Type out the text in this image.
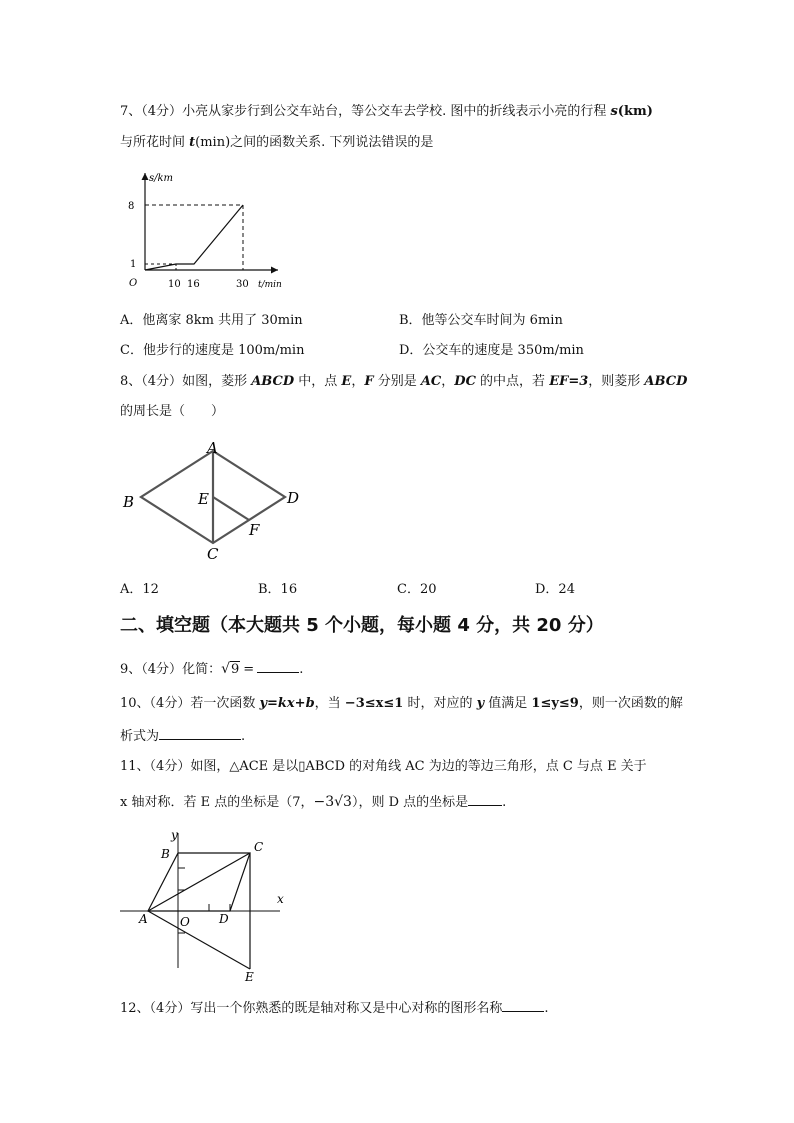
7、（4分）小亮从家步行到公交车站台，等公交车去学校. 图中的折线表示小亮的行程 s(km)
与所花时间 t(min)之间的函数关系. 下列说法错误的是
s/km
8
1
O	10 16	30 t/min
A．他离家 8km 共用了 30min	B．他等公交车时间为 6min
C．他步行的速度是 100m/min	D．公交车的速度是 350m/min
8、（4分）如图，菱形 ABCD 中，点 E，F 分别是 AC，DC 的中点，若 EF=3，则菱形 ABCD
的周长是（　　）
A
B
C
D
E
F
A．12	B．16	C．20	D．24
二、填空题（本大题共 5 个小题，每小题 4 分，共 20 分）
9、（4分）化简：√9 =	.
10、（4分）若一次函数 y=kx+b，当 −3≤x≤1 时，对应的 y 值满足 1≤y≤9，则一次函数的解
析式为	.
11、（4分）如图，△ACE 是以▯ABCD 的对角线 AC 为边的等边三角形，点 C 与点 E 关于
x 轴对称．若 E 点的坐标是（7，−3√3），则 D 点的坐标是	.
y
x
B	C
A	O D
E
12、（4分）写出一个你熟悉的既是轴对称又是中心对称的图形名称	.
